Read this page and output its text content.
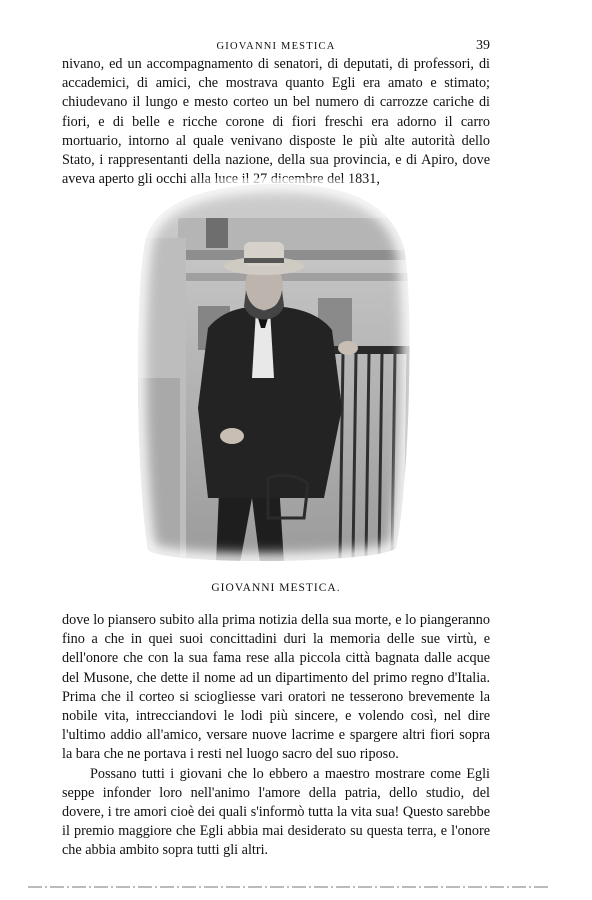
GIOVANNI MESTICA	39

nivano, ed un accompagnamento di senatori, di deputati, di professori, di accademici, di amici, che mostrava quanto Egli era amato e stimato; chiudevano il lungo e mesto corteo un bel numero di carrozze cariche di fiori, e di belle e ricche corone di fiori freschi era adorno il carro mortuario, intorno al quale venivano disposte le più alte autorità dello Stato, i rappresentanti della nazione, della sua provincia, e di Apiro, dove aveva aperto gli occhi alla luce il 27 dicembre del 1831,

GIOVANNI MESTICA.

dove lo piansero subito alla prima notizia della sua morte, e lo piangeranno fino a che in quei suoi concittadini duri la memoria delle sue virtù, e dell'onore che con la sua fama rese alla piccola città bagnata dalle acque del Musone, che dette il nome ad un dipartimento del primo regno d'Italia. Prima che il corteo si sciogliesse vari oratori ne tesserono brevemente la nobile vita, intrecciandovi le lodi più sincere, e volendo così, nel dire l'ultimo addio all'amico, versare nuove lacrime e spargere altri fiori sopra la bara che ne portava i resti nel luogo sacro del suo riposo.

Possano tutti i giovani che lo ebbero a maestro mostrare come Egli seppe infonder loro nell'animo l'amore della patria, dello studio, del dovere, i tre amori cioè dei quali s'informò tutta la vita sua! Questo sarebbe il premio maggiore che Egli abbia mai desiderato su questa terra, e l'onore che abbia ambito sopra tutti gli altri.
